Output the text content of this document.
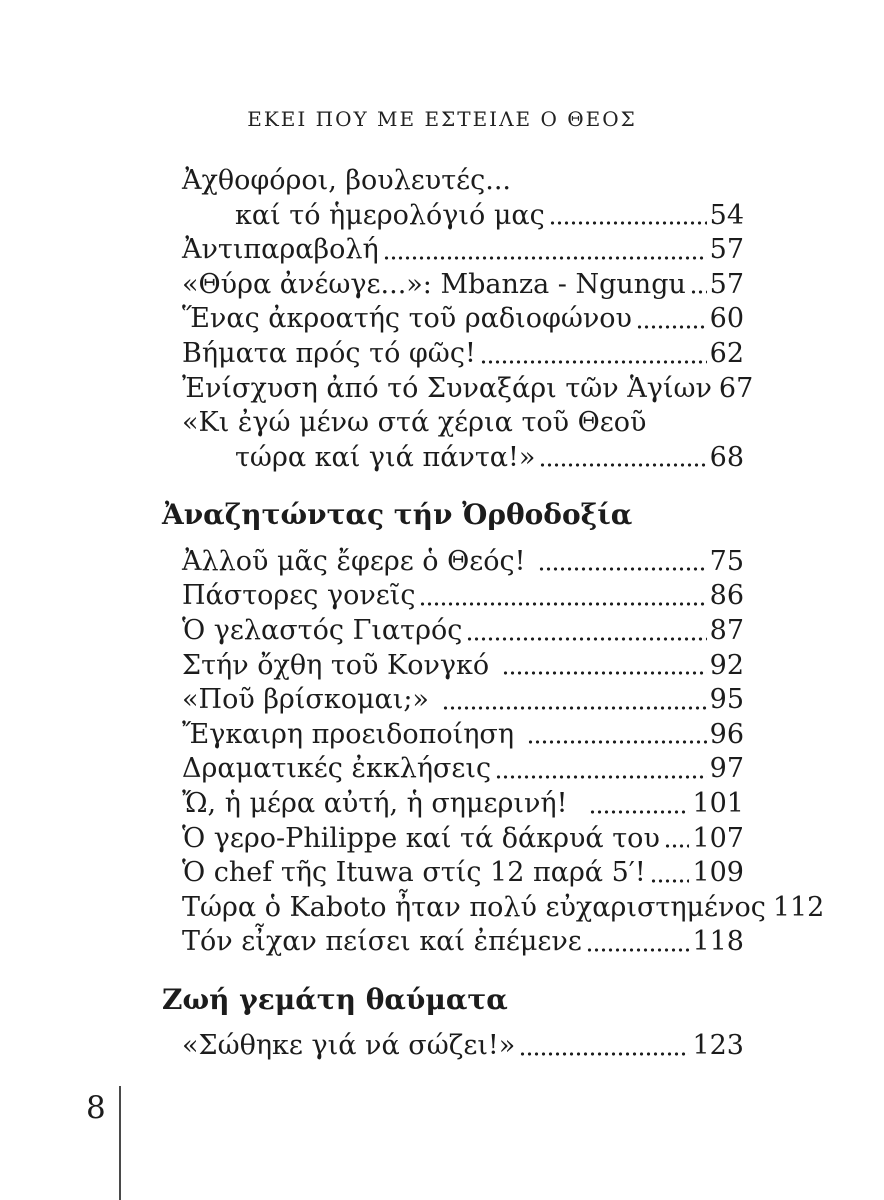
ΕΚΕΙ ΠΟΥ ΜΕ ΕΣΤΕΙΛΕ Ο ΘΕΟΣ
Ἀχθοφόροι, βουλευτές...
καί τό ἡμερολόγιό μας	54
Ἀντιπαραβολή	57
«Θύρα ἀνέωγε...»: Mbanza - Ngungu 57
Ἕνας ἀκροατής τοῦ ραδιοφώνου	60
Βήματα πρός τό φῶς!	62
Ἐνίσχυση ἀπό τό Συναξάρι τῶν Ἁγίων 67
«Κι ἐγώ μένω στά χέρια τοῦ Θεοῦ
τώρα καί γιά πάντα!»	68
Ἀναζητώντας τήν Ὀρθοδοξία
Ἀλλοῦ μᾶς ἔφερε ὁ Θεός!	75
Πάστορες γονεῖς	86
Ὁ γελαστός Γιατρός	87
Στήν ὄχθη τοῦ Κονγκό	92
«Ποῦ βρίσκομαι;»	95
Ἔγκαιρη προειδοποίηση	96
Δραματικές ἐκκλήσεις	97
Ὤ, ἡ μέρα αὐτή, ἡ σημερινή!	101
Ὁ γερο-Philippe καί τά δάκρυά του 107
Ὁ chef τῆς Ituwa στίς 12 παρά 5′! 109
Τώρα ὁ Kaboto ἦταν πολύ εὐχαριστημένος 112
Τόν εἶχαν πείσει καί ἐπέμενε	118
Ζωή γεμάτη θαύματα
«Σώθηκε γιά νά σώζει!»	123
8
